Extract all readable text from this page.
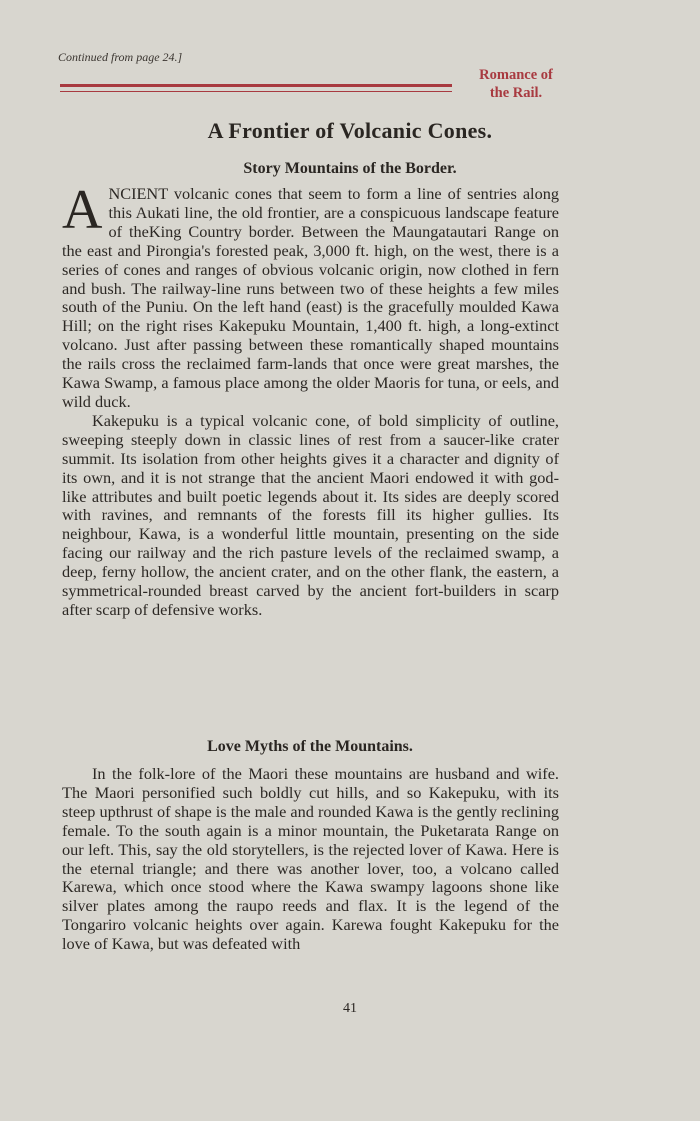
Continued from page 24.]
Romance of
the Rail.
A Frontier of Volcanic Cones.
Story Mountains of the Border.

ANCIENT volcanic cones that seem to form a line of sentries along this Aukati line, the old frontier, are a conspicuous landscape feature of theKing Country border. Between the Maungatautari Range on the east and Pirongia's forested peak, 3,000 ft. high, on the west, there is a series of cones and ranges of obvious volcanic origin, now clothed in fern and bush. The railway-line runs between two of these heights a few miles south of the Puniu. On the left hand (east) is the gracefully moulded Kawa Hill; on the right rises Kakepuku Mountain, 1,400 ft. high, a long-extinct volcano. Just after passing between these romantically shaped mountains the rails cross the reclaimed farm-lands that once were great marshes, the Kawa Swamp, a famous place among the older Maoris for tuna, or eels, and wild duck.

Kakepuku is a typical volcanic cone, of bold simplicity of outline, sweeping steeply down in classic lines of rest from a saucer-like crater summit. Its isolation from other heights gives it a character and dignity of its own, and it is not strange that the ancient Maori endowed it with god-like attributes and built poetic legends about it. Its sides are deeply scored with ravines, and remnants of the forests fill its higher gullies. Its neighbour, Kawa, is a wonderful little mountain, presenting on the side facing our railway and the rich pasture levels of the reclaimed swamp, a deep, ferny hollow, the ancient crater, and on the other flank, the eastern, a symmetrical-rounded breast carved by the ancient fort-builders in scarp after scarp of defensive works.

Love Myths of the Mountains.

In the folk-lore of the Maori these mountains are husband and wife. The Maori personified such boldly cut hills, and so Kakepuku, with its steep upthrust of shape is the male and rounded Kawa is the gently reclining female. To the south again is a minor mountain, the Puketarata Range on our left. This, say the old storytellers, is the rejected lover of Kawa. Here is the eternal triangle; and there was another lover, too, a volcano called Karewa, which once stood where the Kawa swampy lagoons shone like silver plates among the raupo reeds and flax. It is the legend of the Tongariro volcanic heights over again. Karewa fought Kakepuku for the love of Kawa, but was defeated with

41
